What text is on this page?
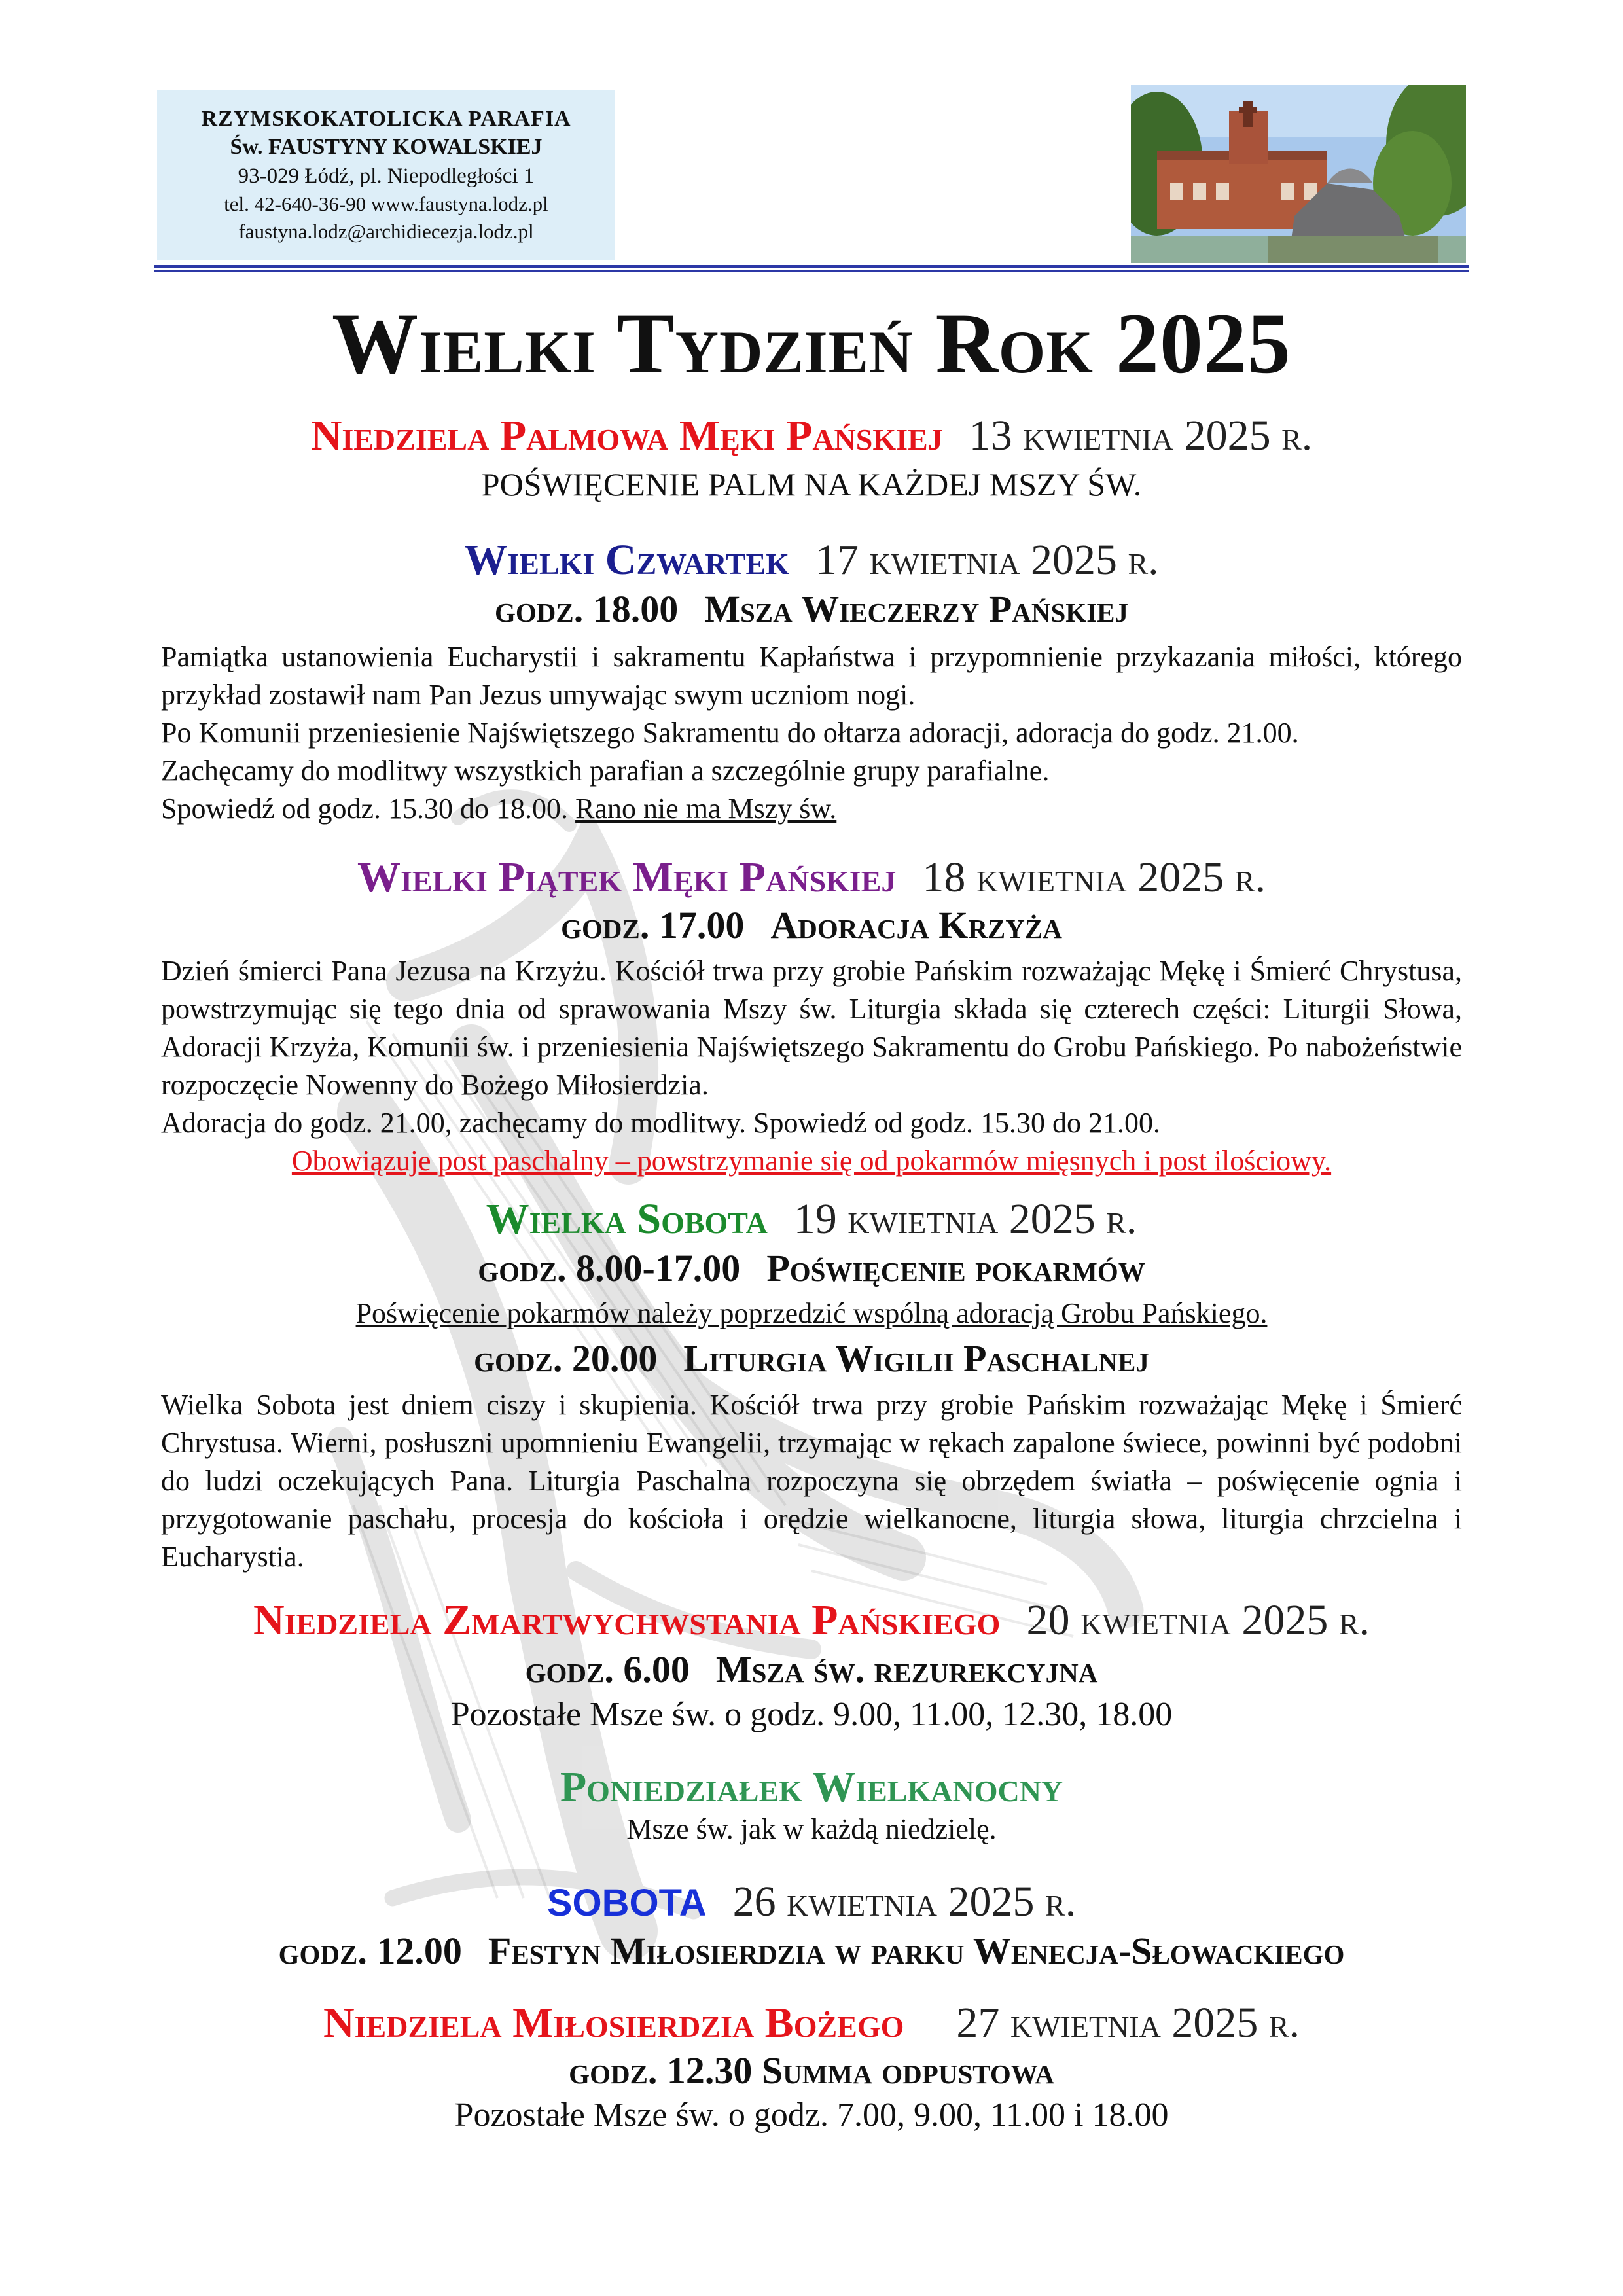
RZYMSKOKATOLICKA PARAFIA
Św. FAUSTYNY KOWALSKIEJ
93-029 Łódź, pl. Niepodległości 1
tel. 42-640-36-90 www.faustyna.lodz.pl
faustyna.lodz@archidiecezja.lodz.pl
Wielki Tydzień Rok 2025
Niedziela Palmowa Męki Pańskiej 13 kwietnia 2025 r.
POŚWIĘCENIE PALM NA KAŻDEJ MSZY ŚW.
Wielki Czwartek 17 kwietnia 2025 r.
godz. 18.00 Msza Wieczerzy Pańskiej

Pamiątka ustanowienia Eucharystii i sakramentu Kapłaństwa i przypomnienie przykazania miłości, którego przykład zostawił nam Pan Jezus umywając swym uczniom nogi.

Po Komunii przeniesienie Najświętszego Sakramentu do ołtarza adoracji, adoracja do godz. 21.00.

Zachęcamy do modlitwy wszystkich parafian a szczególnie grupy parafialne.

Spowiedź od godz. 15.30 do 18.00. Rano nie ma Mszy św.

Wielki Piątek Męki Pańskiej 18 kwietnia 2025 r.
godz. 17.00 Adoracja Krzyża

Dzień śmierci Pana Jezusa na Krzyżu. Kościół trwa przy grobie Pańskim rozważając Mękę i Śmierć Chrystusa, powstrzymując się tego dnia od sprawowania Mszy św. Liturgia składa się czterech części: Liturgii Słowa, Adoracji Krzyża, Komunii św. i przeniesienia Najświętszego Sakramentu do Grobu Pańskiego. Po nabożeństwie rozpoczęcie Nowenny do Bożego Miłosierdzia.

Adoracja do godz. 21.00, zachęcamy do modlitwy. Spowiedź od godz. 15.30 do 21.00.

Obowiązuje post paschalny – powstrzymanie się od pokarmów mięsnych i post ilościowy.
Wielka Sobota 19 kwietnia 2025 r.
godz. 8.00-17.00 Poświęcenie pokarmów
Poświęcenie pokarmów należy poprzedzić wspólną adoracją Grobu Pańskiego.
godz. 20.00 Liturgia Wigilii Paschalnej

Wielka Sobota jest dniem ciszy i skupienia. Kościół trwa przy grobie Pańskim rozważając Mękę i Śmierć Chrystusa. Wierni, posłuszni upomnieniu Ewangelii, trzymając w rękach zapalone świece, powinni być podobni do ludzi oczekujących Pana. Liturgia Paschalna rozpoczyna się obrzędem światła – poświęcenie ognia i przygotowanie paschału, procesja do kościoła i orędzie wielkanocne, liturgia słowa, liturgia chrzcielna i Eucharystia.

Niedziela Zmartwychwstania Pańskiego 20 kwietnia 2025 r.
godz. 6.00 Msza św. rezurekcyjna
Pozostałe Msze św. o godz. 9.00, 11.00, 12.30, 18.00
Poniedziałek Wielkanocny
Msze św. jak w każdą niedzielę.
SOBOTA 26 kwietnia 2025 r.
godz. 12.00 Festyn Miłosierdzia w parku Wenecja-Słowackiego
Niedziela Miłosierdzia Bożego 27 kwietnia 2025 r.
godz. 12.30 Summa odpustowa
Pozostałe Msze św. o godz. 7.00, 9.00, 11.00 i 18.00
